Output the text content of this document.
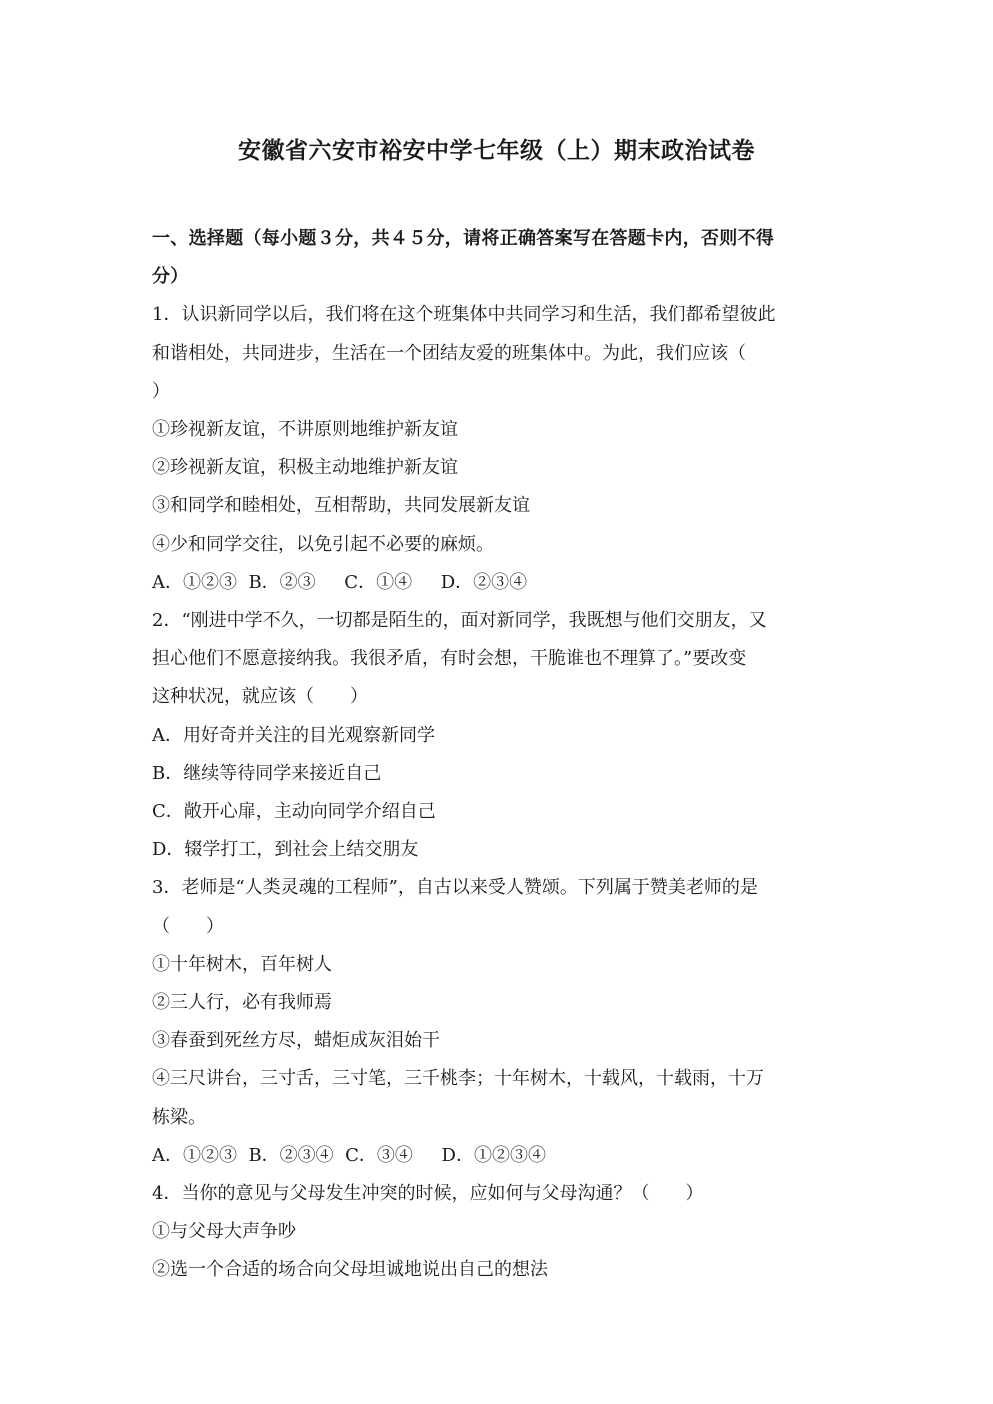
安徽省六安市裕安中学七年级（上）期末政治试卷
一、选择题（每小题３分，共４５分，请将正确答案写在答题卡内，否则不得
分）
1．认识新同学以后，我们将在这个班集体中共同学习和生活，我们都希望彼此
和谐相处，共同进步，生活在一个团结友爱的班集体中。为此，我们应该（
）
①珍视新友谊，不讲原则地维护新友谊
②珍视新友谊，积极主动地维护新友谊
③和同学和睦相处，互相帮助，共同发展新友谊
④少和同学交往，以免引起不必要的麻烦。
A．①②③ B．②③ C．①④ D．②③④
2．“刚进中学不久，一切都是陌生的，面对新同学，我既想与他们交朋友，又
担心他们不愿意接纳我。我很矛盾，有时会想，干脆谁也不理算了。”要改变
这种状况，就应该（　　）
A．用好奇并关注的目光观察新同学
B．继续等待同学来接近自己
C．敞开心扉，主动向同学介绍自己
D．辍学打工，到社会上结交朋友
3．老师是“人类灵魂的工程师”，自古以来受人赞颂。下列属于赞美老师的是
（　　）
①十年树木，百年树人
②三人行，必有我师焉
③春蚕到死丝方尽，蜡炬成灰泪始干
④三尺讲台，三寸舌，三寸笔，三千桃李；十年树木，十载风，十载雨，十万
栋梁。
A．①②③ B．②③④ C．③④ D．①②③④
4．当你的意见与父母发生冲突的时候，应如何与父母沟通？（　　）
①与父母大声争吵
②选一个合适的场合向父母坦诚地说出自己的想法
